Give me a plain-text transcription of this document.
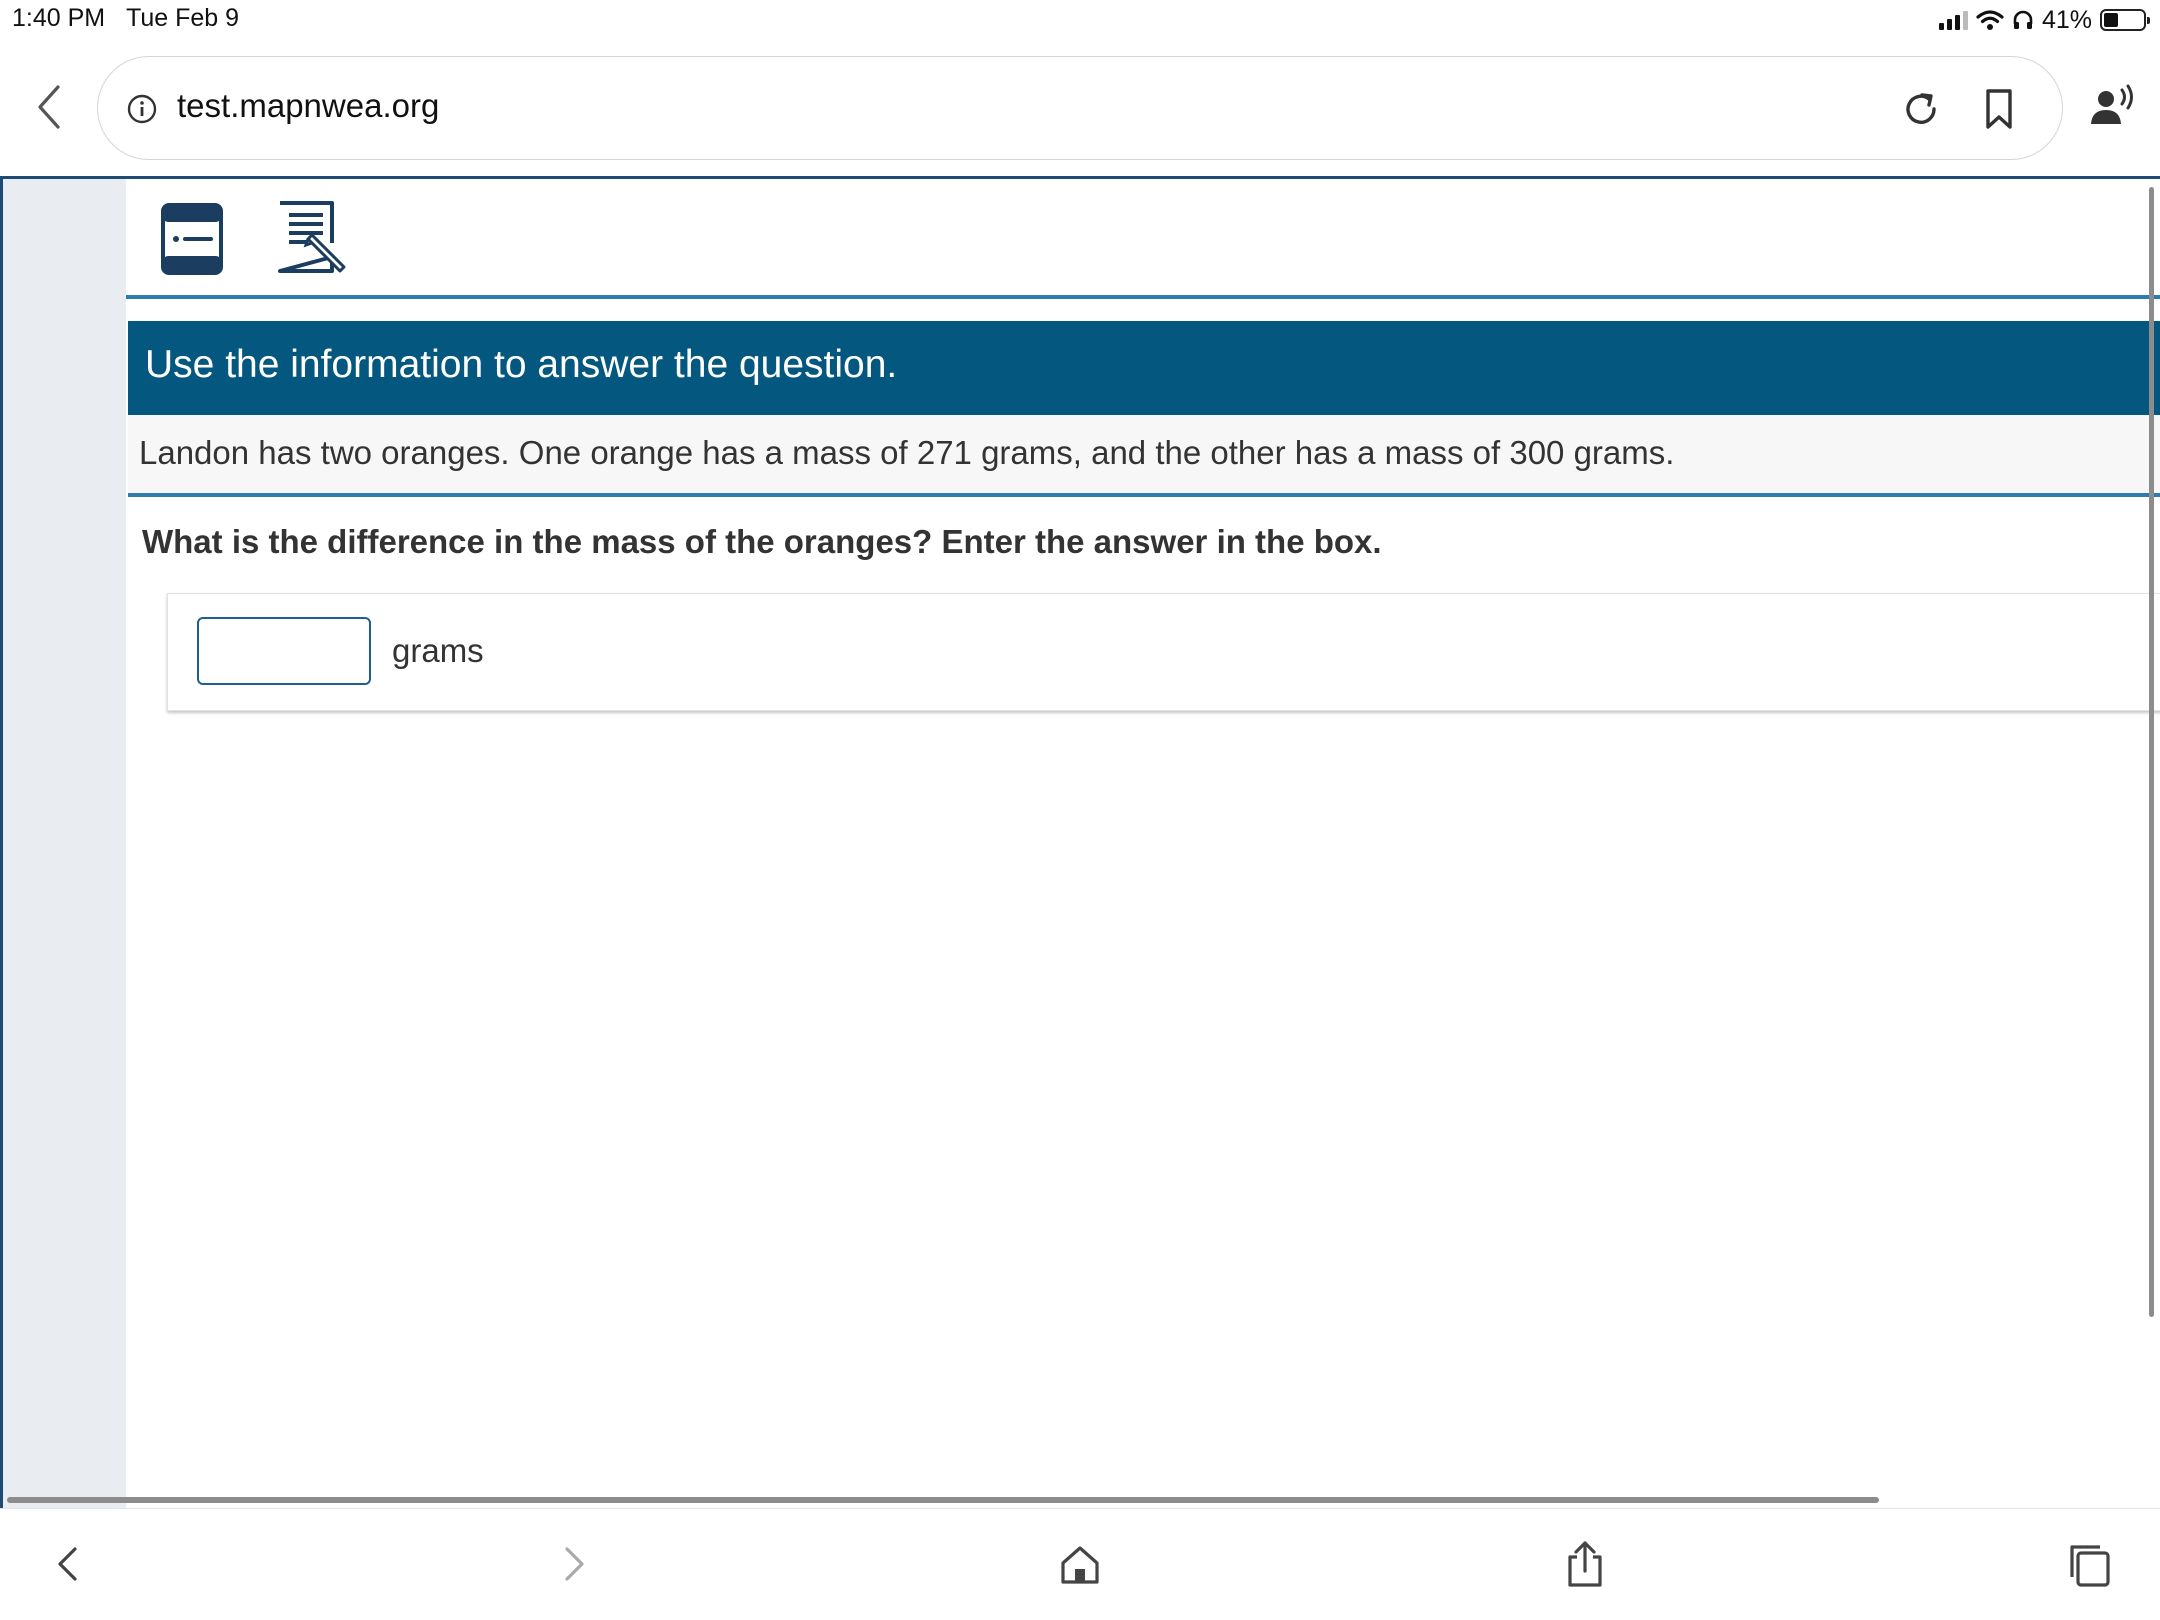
1:40 PM Tue Feb 9	41%
test.mapnwea.org
Use the information to answer the question.
Landon has two oranges. One orange has a mass of 271 grams, and the other has a mass of 300 grams.
What is the difference in the mass of the oranges? Enter the answer in the box.
grams
